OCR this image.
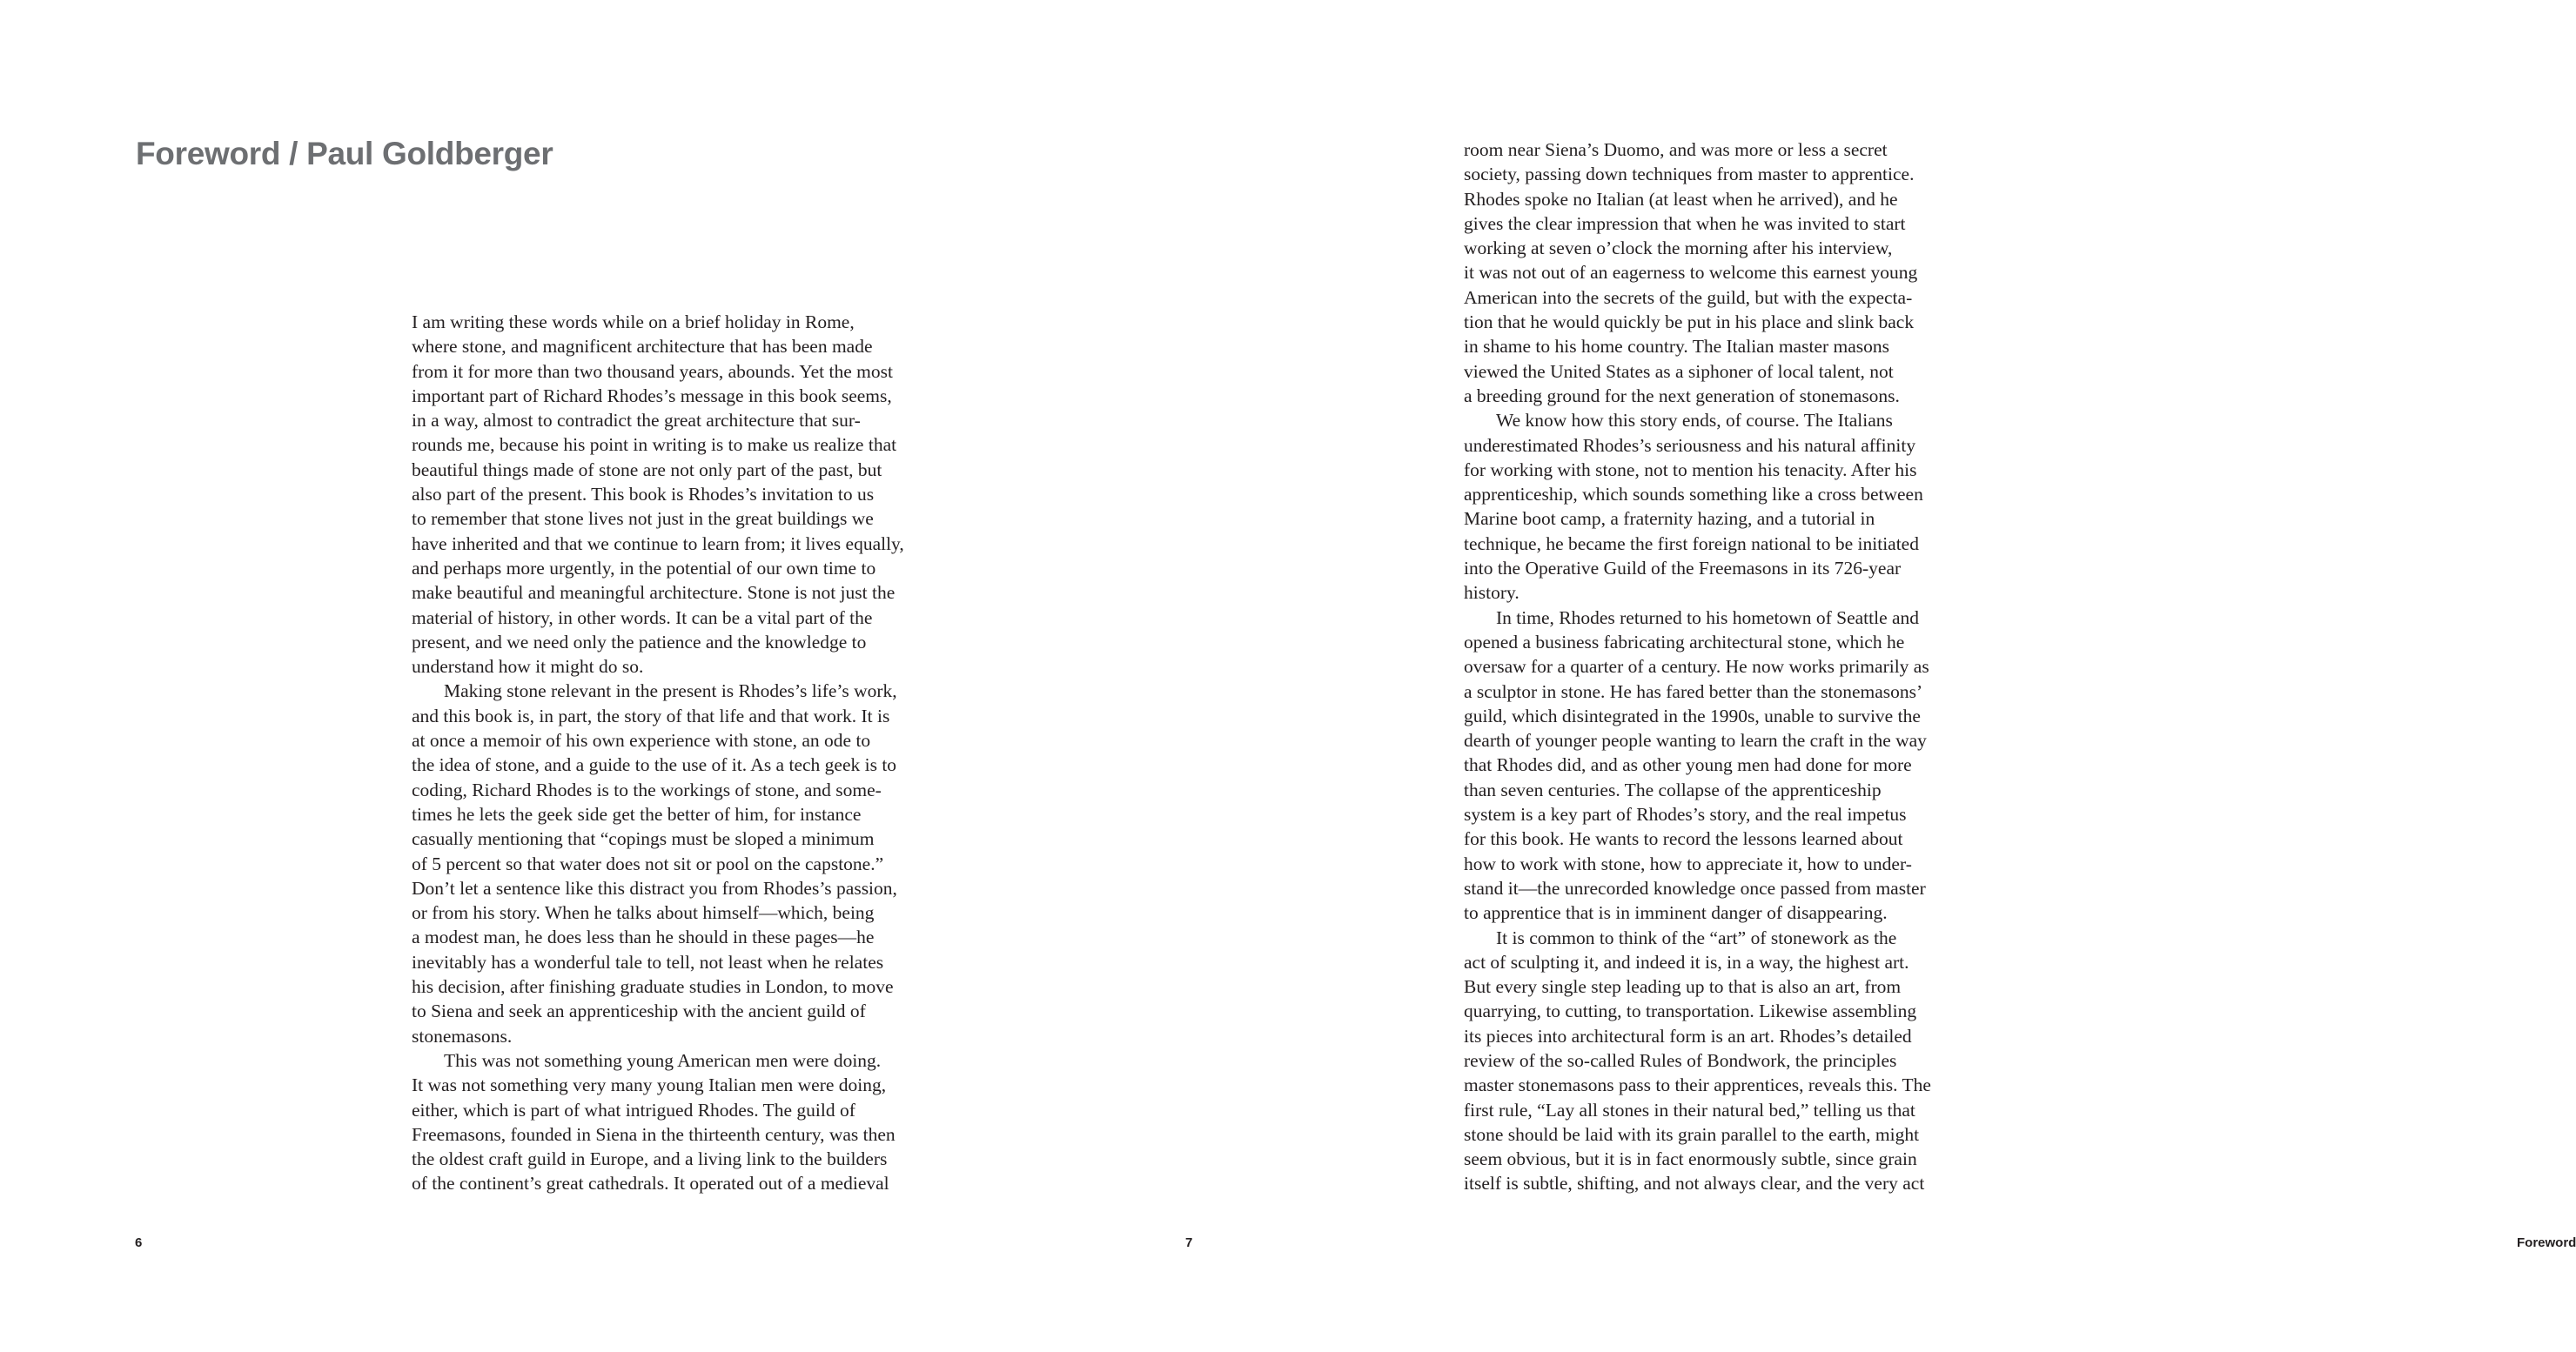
Foreword / Paul Goldberger
I am writing these words while on a brief holiday in Rome,
where stone, and magnificent architecture that has been made
from it for more than two thousand years, abounds. Yet the most
important part of Richard Rhodes’s message in this book seems,
in a way, almost to contradict the great architecture that sur-
rounds me, because his point in writing is to make us realize that
beautiful things made of stone are not only part of the past, but
also part of the present. This book is Rhodes’s invitation to us
to remember that stone lives not just in the great buildings we
have inherited and that we continue to learn from; it lives equally,
and perhaps more urgently, in the potential of our own time to
make beautiful and meaningful architecture. Stone is not just the
material of history, in other words. It can be a vital part of the
present, and we need only the patience and the knowledge to
understand how it might do so.
Making stone relevant in the present is Rhodes’s life’s work,
and this book is, in part, the story of that life and that work. It is
at once a memoir of his own experience with stone, an ode to
the idea of stone, and a guide to the use of it. As a tech geek is to
coding, Richard Rhodes is to the workings of stone, and some-
times he lets the geek side get the better of him, for instance
casually mentioning that “copings must be sloped a minimum
of 5 percent so that water does not sit or pool on the capstone.”
Don’t let a sentence like this distract you from Rhodes’s passion,
or from his story. When he talks about himself—which, being
a modest man, he does less than he should in these pages—he
inevitably has a wonderful tale to tell, not least when he relates
his decision, after finishing graduate studies in London, to move
to Siena and seek an apprenticeship with the ancient guild of
stonemasons.
This was not something young American men were doing.
It was not something very many young Italian men were doing,
either, which is part of what intrigued Rhodes. The guild of
Freemasons, founded in Siena in the thirteenth century, was then
the oldest craft guild in Europe, and a living link to the builders
of the continent’s great cathedrals. It operated out of a medieval
6
room near Siena’s Duomo, and was more or less a secret
society, passing down techniques from master to apprentice.
Rhodes spoke no Italian (at least when he arrived), and he
gives the clear impression that when he was invited to start
working at seven o’clock the morning after his interview,
it was not out of an eagerness to welcome this earnest young
American into the secrets of the guild, but with the expecta-
tion that he would quickly be put in his place and slink back
in shame to his home country. The Italian master masons
viewed the United States as a siphoner of local talent, not
a breeding ground for the next generation of stonemasons.
We know how this story ends, of course. The Italians
underestimated Rhodes’s seriousness and his natural affinity
for working with stone, not to mention his tenacity. After his
apprenticeship, which sounds something like a cross between
Marine boot camp, a fraternity hazing, and a tutorial in
technique, he became the first foreign national to be initiated
into the Operative Guild of the Freemasons in its 726-year
history.
In time, Rhodes returned to his hometown of Seattle and
opened a business fabricating architectural stone, which he
oversaw for a quarter of a century. He now works primarily as
a sculptor in stone. He has fared better than the stonemasons’
guild, which disintegrated in the 1990s, unable to survive the
dearth of younger people wanting to learn the craft in the way
that Rhodes did, and as other young men had done for more
than seven centuries. The collapse of the apprenticeship
system is a key part of Rhodes’s story, and the real impetus
for this book. He wants to record the lessons learned about
how to work with stone, how to appreciate it, how to under-
stand it—the unrecorded knowledge once passed from master
to apprentice that is in imminent danger of disappearing.
It is common to think of the “art” of stonework as the
act of sculpting it, and indeed it is, in a way, the highest art.
But every single step leading up to that is also an art, from
quarrying, to cutting, to transportation. Likewise assembling
its pieces into architectural form is an art. Rhodes’s detailed
review of the so-called Rules of Bondwork, the principles
master stonemasons pass to their apprentices, reveals this. The
first rule, “Lay all stones in their natural bed,” telling us that
stone should be laid with its grain parallel to the earth, might
seem obvious, but it is in fact enormously subtle, since grain
itself is subtle, shifting, and not always clear, and the very act
Foreword
7
